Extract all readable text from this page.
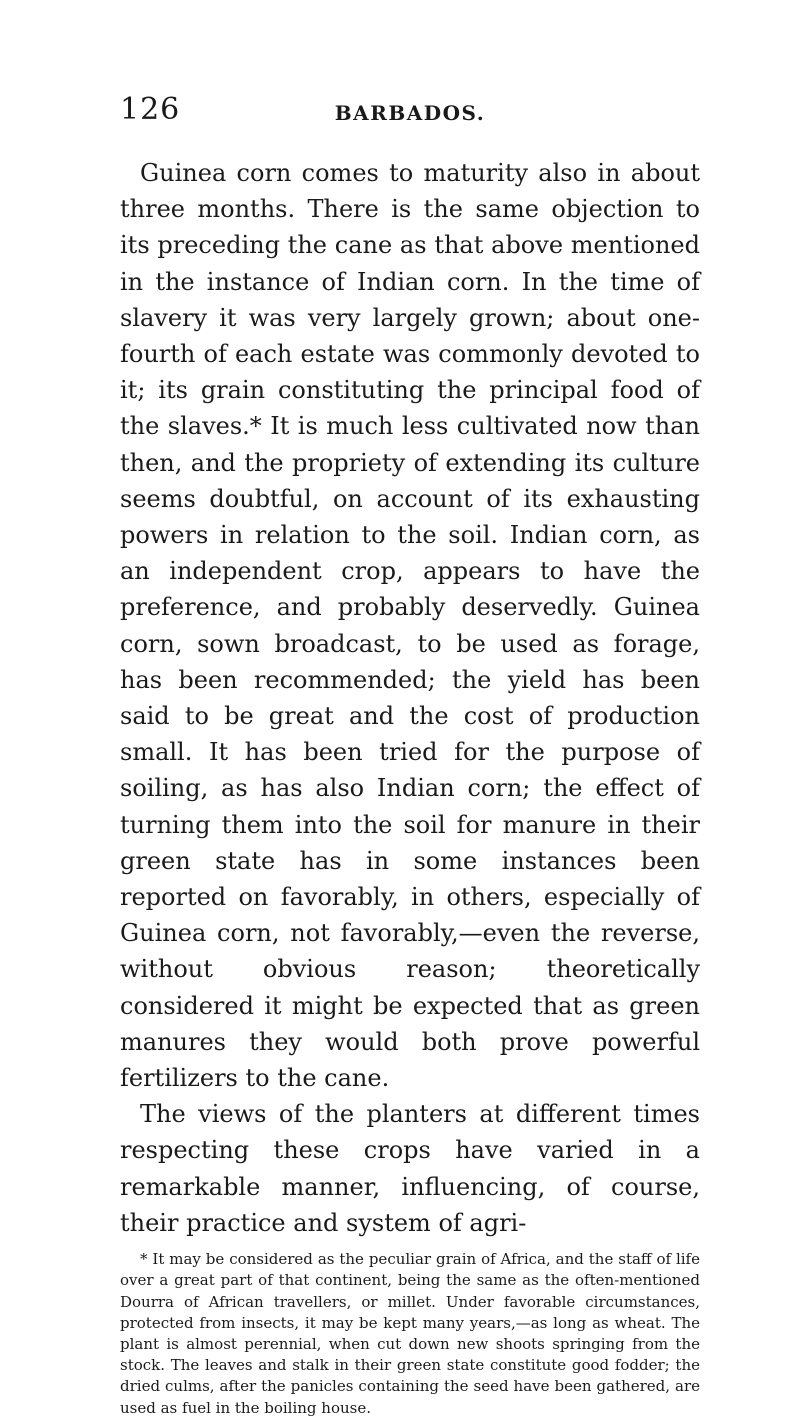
126	BARBADOS.

Guinea corn comes to maturity also in about three months. There is the same objection to its preceding the cane as that above mentioned in the instance of Indian corn. In the time of slavery it was very largely grown; about one-fourth of each estate was commonly devoted to it; its grain constituting the principal food of the slaves.* It is much less cultivated now than then, and the propriety of extending its culture seems doubtful, on account of its exhausting powers in relation to the soil. Indian corn, as an independent crop, appears to have the preference, and probably deservedly. Guinea corn, sown broadcast, to be used as forage, has been recommended; the yield has been said to be great and the cost of production small. It has been tried for the purpose of soiling, as has also Indian corn; the effect of turning them into the soil for manure in their green state has in some instances been reported on favorably, in others, especially of Guinea corn, not favorably,—even the reverse, without obvious reason; theoretically considered it might be expected that as green manures they would both prove powerful fertilizers to the cane.

The views of the planters at different times respecting these crops have varied in a remarkable manner, influencing, of course, their practice and system of agri-

* It may be considered as the peculiar grain of Africa, and the staff of life over a great part of that continent, being the same as the often-mentioned Dourra of African travellers, or millet. Under favorable circumstances, protected from insects, it may be kept many years,—as long as wheat. The plant is almost perennial, when cut down new shoots springing from the stock. The leaves and stalk in their green state constitute good fodder; the dried culms, after the panicles containing the seed have been gathered, are used as fuel in the boiling house.
